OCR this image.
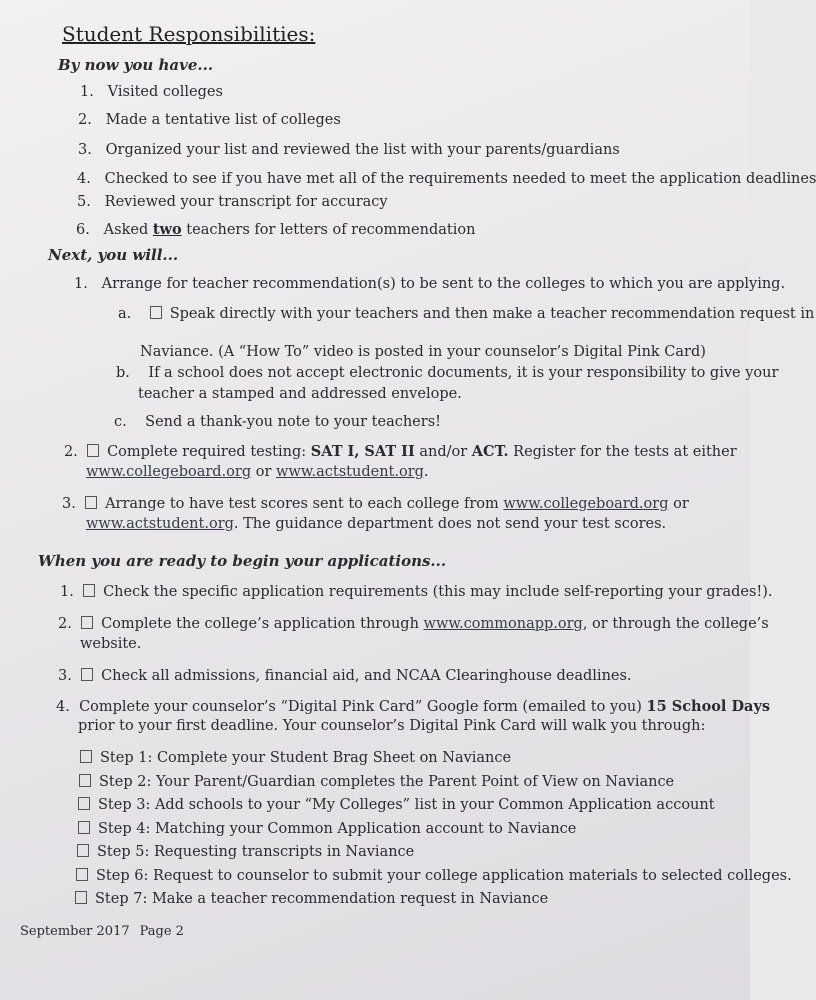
Student Responsibilities:
By now you have...
1. Visited colleges
2. Made a tentative list of colleges
3. Organized your list and reviewed the list with your parents/guardians
4. Checked to see if you have met all of the requirements needed to meet the application deadlines
5. Reviewed your transcript for accuracy
6. Asked two teachers for letters of recommendation
Next, you will...
1. Arrange for teacher recommendation(s) to be sent to the colleges to which you are applying.
a.	Speak directly with your teachers and then make a teacher recommendation request in
Naviance. (A “How To” video is posted in your counselor’s Digital Pink Card)
b. If a school does not accept electronic documents, it is your responsibility to give your
teacher a stamped and addressed envelope.
c. Send a thank-you note to your teachers!
2. Complete required testing: SAT I, SAT II and/or ACT. Register for the tests at either
www.collegeboard.org or www.actstudent.org.
3. Arrange to have test scores sent to each college from www.collegeboard.org or
www.actstudent.org. The guidance department does not send your test scores.
When you are ready to begin your applications...
1. Check the specific application requirements (this may include self-reporting your grades!).
2. Complete the college’s application through www.commonapp.org, or through the college’s
website.
3. Check all admissions, financial aid, and NCAA Clearinghouse deadlines.
4. Complete your counselor’s “Digital Pink Card” Google form (emailed to you) 15 School Days
prior to your first deadline. Your counselor’s Digital Pink Card will walk you through:
Step 1: Complete your Student Brag Sheet on Naviance
Step 2: Your Parent/Guardian completes the Parent Point of View on Naviance
Step 3: Add schools to your “My Colleges” list in your Common Application account
Step 4: Matching your Common Application account to Naviance
Step 5: Requesting transcripts in Naviance
Step 6: Request to counselor to submit your college application materials to selected colleges.
Step 7: Make a teacher recommendation request in Naviance
September 2017 Page 2
